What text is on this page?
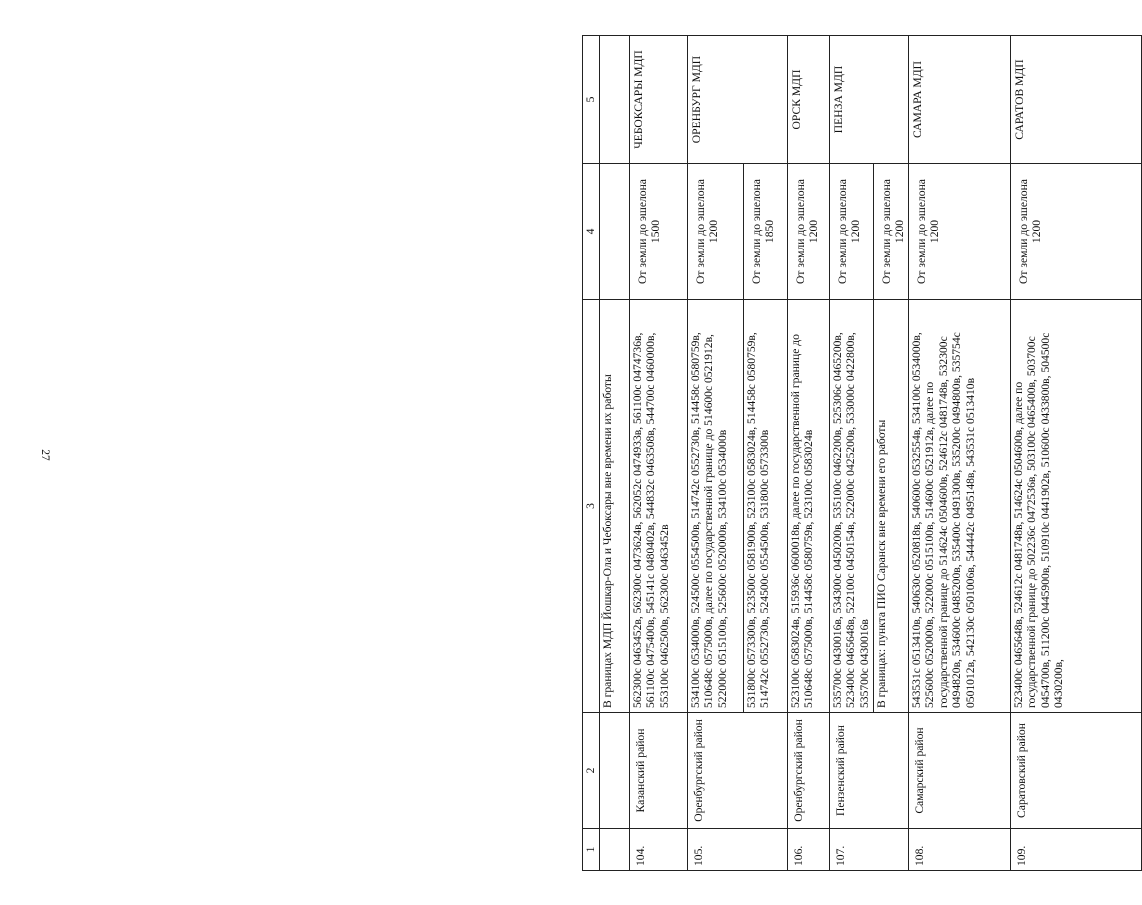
27
1	2	3	4	5
		В границах МДП Йошкар-Ола и Чебоксары вне времени их работы		
104.	Казанский район	562300с 0463452в, 562300с 0473624в, 562052с 0474933в, 561100с 0474736в, 561100с 0475400в, 545141с 0480402в, 544832с 0463508в, 544700с 0460000в, 553100с 0462500в, 562300с 0463452в	От земли до эшелона 1500	ЧЕБОКСАРЫ МДП
105.	Оренбургский район	534100с 0534000в, 524500с 0554500в, 514742с 0552730в, 514458с 0580759в, 510648с 0575000в, далее по государственной границе до 514600с 0521912в, 522000с 0515100в, 525600с 0520000в, 534100с 0534000в	От земли до эшелона 1200	ОРЕНБУРГ МДП
		531800с 0573300в, 523500с 0581900в, 523100с 0583024в, 514458с 0580759в, 514742с 0552730в, 524500с 0554500в, 531800с 0573300в	От земли до эшелона 1850	
106.	Оренбургский район	523100с 0583024в, 515936с 0600018в, далее по государственной границе до 510648с 0575000в, 514458с 0580759в, 523100с 0583024в	От земли до эшелона 1200	ОРСК МДП
107.	Пензенский район	535700с 0430016в, 534300с 0450200в, 535100с 0462200в, 525306с 0465200в, 523400с 0465648в, 522100с 0450154в, 522000с 0425200в, 533000с 0422800в, 535700с 0430016в	От земли до эшелона 1200	ПЕНЗА МДП
		В границах: пункта ПИО Саранск вне времени его работы	От земли до эшелона 1200	
108.	Самарский район	543531с 0513410в, 540630с 0520818в, 540600с 0532554в, 534100с 0534000в, 525600с 0520000в, 522000с 0515100в, 514600с 0521912в, далее по государственной границе до 514624с 0504600в, 524612с 0481748в, 532300с 0494820в, 534600с 0485200в, 535400с 0491300в, 535200с 0494800в, 535754с 0501012в, 542130с 0501006в, 544442с 0495148в, 543531с 0513410в	От земли до эшелона 1200	САМАРА МДП
109.	Саратовский район	523400с 0465648в, 524612с 0481748в, 514624с 0504600в, далее по государственной границе до 502236с 0472536в, 503100с 0465400в, 503700с 0454700в, 511200с 0445900в, 510910с 0441902в, 510600с 0433800в, 504500с 0430200в,	От земли до эшелона 1200	САРАТОВ МДП
